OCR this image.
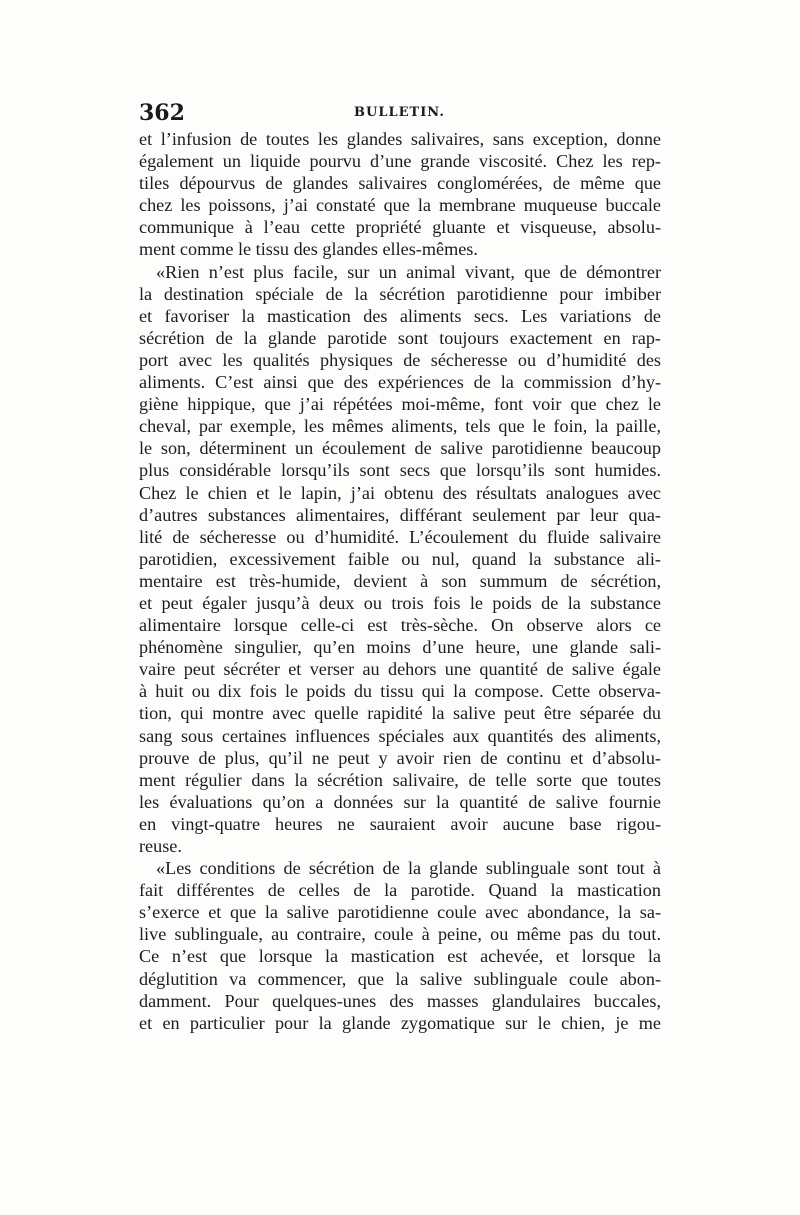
362	BULLETIN.
et l’infusion de toutes les glandes salivaires, sans exception, donne
également un liquide pourvu d’une grande viscosité. Chez les rep-
tiles dépourvus de glandes salivaires conglomérées, de même que
chez les poissons, j’ai constaté que la membrane muqueuse buccale
communique à l’eau cette propriété gluante et visqueuse, absolu-
ment comme le tissu des glandes elles-mêmes.
«Rien n’est plus facile, sur un animal vivant, que de démontrer
la destination spéciale de la sécrétion parotidienne pour imbiber
et favoriser la mastication des aliments secs. Les variations de
sécrétion de la glande parotide sont toujours exactement en rap-
port avec les qualités physiques de sécheresse ou d’humidité des
aliments. C’est ainsi que des expériences de la commission d’hy-
giène hippique, que j’ai répétées moi-même, font voir que chez le
cheval, par exemple, les mêmes aliments, tels que le foin, la paille,
le son, déterminent un écoulement de salive parotidienne beaucoup
plus considérable lorsqu’ils sont secs que lorsqu’ils sont humides.
Chez le chien et le lapin, j’ai obtenu des résultats analogues avec
d’autres substances alimentaires, différant seulement par leur qua-
lité de sécheresse ou d’humidité. L’écoulement du fluide salivaire
parotidien, excessivement faible ou nul, quand la substance ali-
mentaire est très-humide, devient à son summum de sécrétion,
et peut égaler jusqu’à deux ou trois fois le poids de la substance
alimentaire lorsque celle-ci est très-sèche. On observe alors ce
phénomène singulier, qu’en moins d’une heure, une glande sali-
vaire peut sécréter et verser au dehors une quantité de salive égale
à huit ou dix fois le poids du tissu qui la compose. Cette observa-
tion, qui montre avec quelle rapidité la salive peut être séparée du
sang sous certaines influences spéciales aux quantités des aliments,
prouve de plus, qu’il ne peut y avoir rien de continu et d’absolu-
ment régulier dans la sécrétion salivaire, de telle sorte que toutes
les évaluations qu’on a données sur la quantité de salive fournie
en vingt-quatre heures ne sauraient avoir aucune base rigou-
reuse.
«Les conditions de sécrétion de la glande sublinguale sont tout à
fait différentes de celles de la parotide. Quand la mastication
s’exerce et que la salive parotidienne coule avec abondance, la sa-
live sublinguale, au contraire, coule à peine, ou même pas du tout.
Ce n’est que lorsque la mastication est achevée, et lorsque la
déglutition va commencer, que la salive sublinguale coule abon-
damment. Pour quelques-unes des masses glandulaires buccales,
et en particulier pour la glande zygomatique sur le chien, je me
